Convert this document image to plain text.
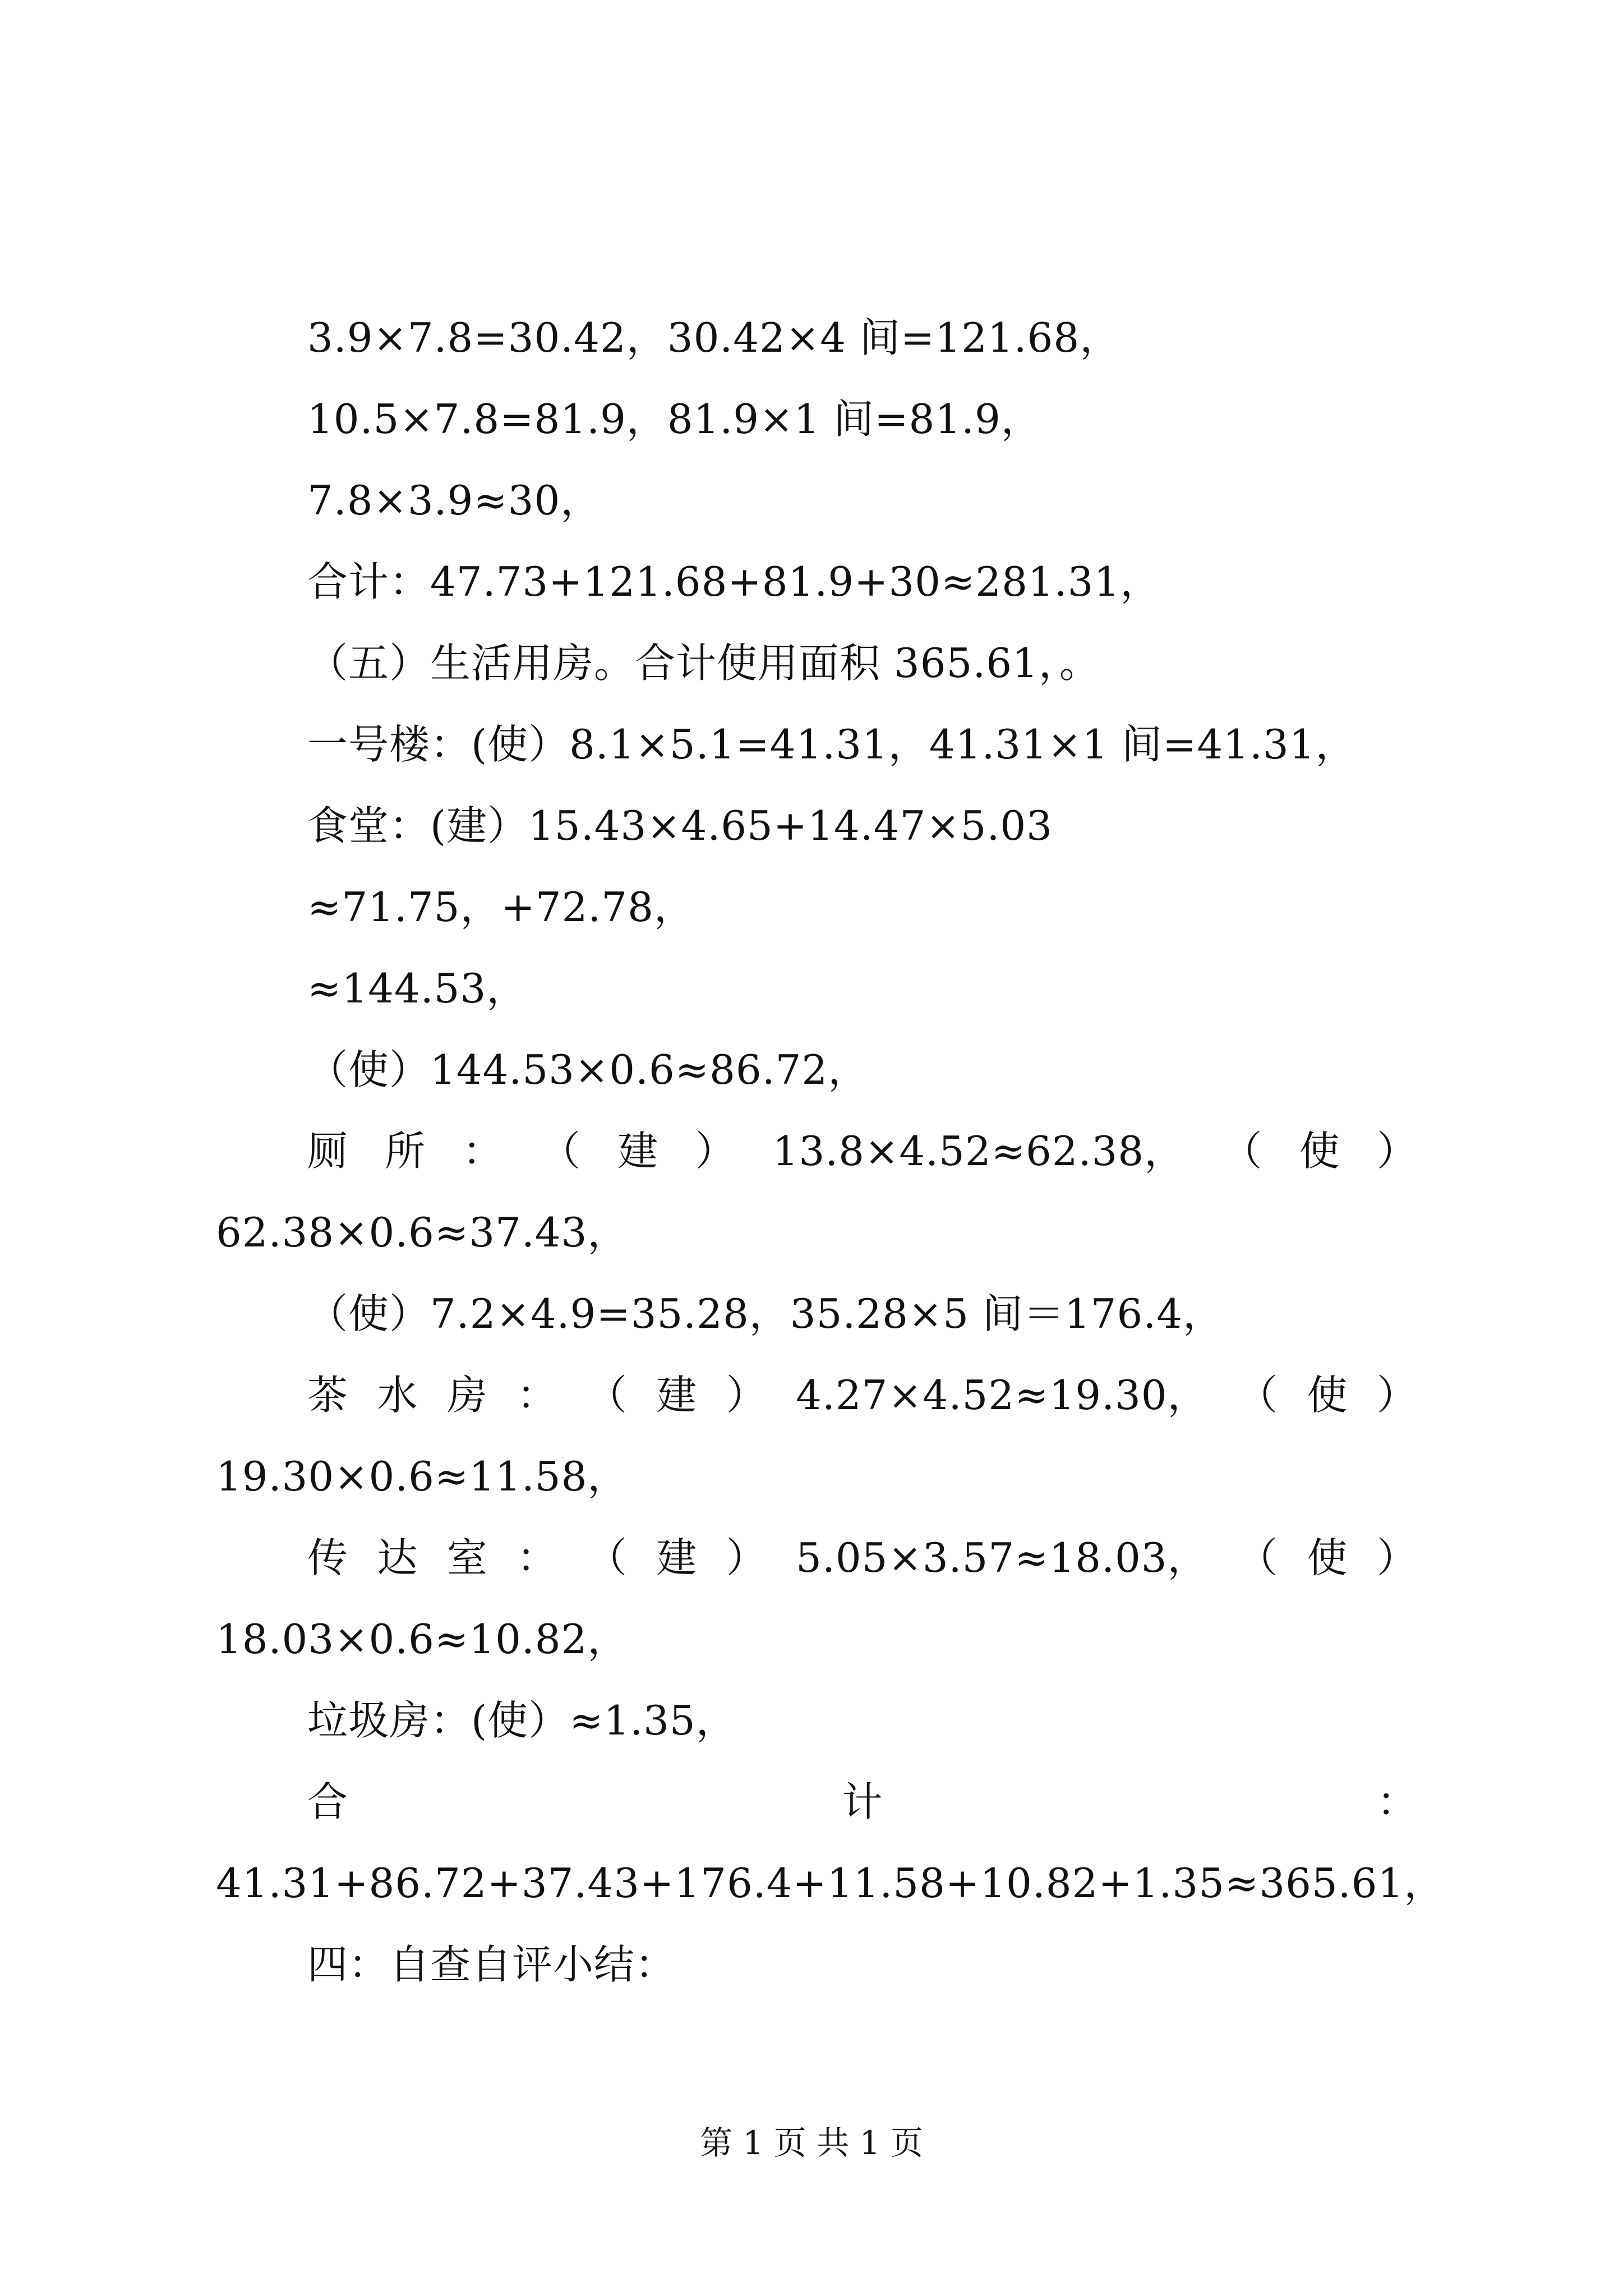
3.9×7.8=30.42，30.42×4 间=121.68，
10.5×7.8=81.9，81.9×1 间=81.9，
7.8×3.9≈30，
合计：47.73+121.68+81.9+30≈281.31，
（五）生活用房。合计使用面积 365.61，。
一号楼：(使）8.1×5.1=41.31，41.31×1 间=41.31，
食堂：(建）15.43×4.65+14.47×5.03
≈71.75，+72.78，
≈144.53，
（使）144.53×0.6≈86.72，
厕 所 ： （ 建 ） 13.8×4.52≈62.38， （ 使 ）
62.38×0.6≈37.43，
（使）7.2×4.9=35.28，35.28×5 间＝176.4，
茶 水 房 ： （ 建 ） 4.27×4.52≈19.30， （ 使 ）
19.30×0.6≈11.58，
传 达 室 ： （ 建 ） 5.05×3.57≈18.03， （ 使 ）
18.03×0.6≈10.82，
垃圾房：(使）≈1.35，
合	计	：
41.31+86.72+37.43+176.4+11.58+10.82+1.35≈365.61，
四：自查自评小结：
第 1 页 共 1 页
